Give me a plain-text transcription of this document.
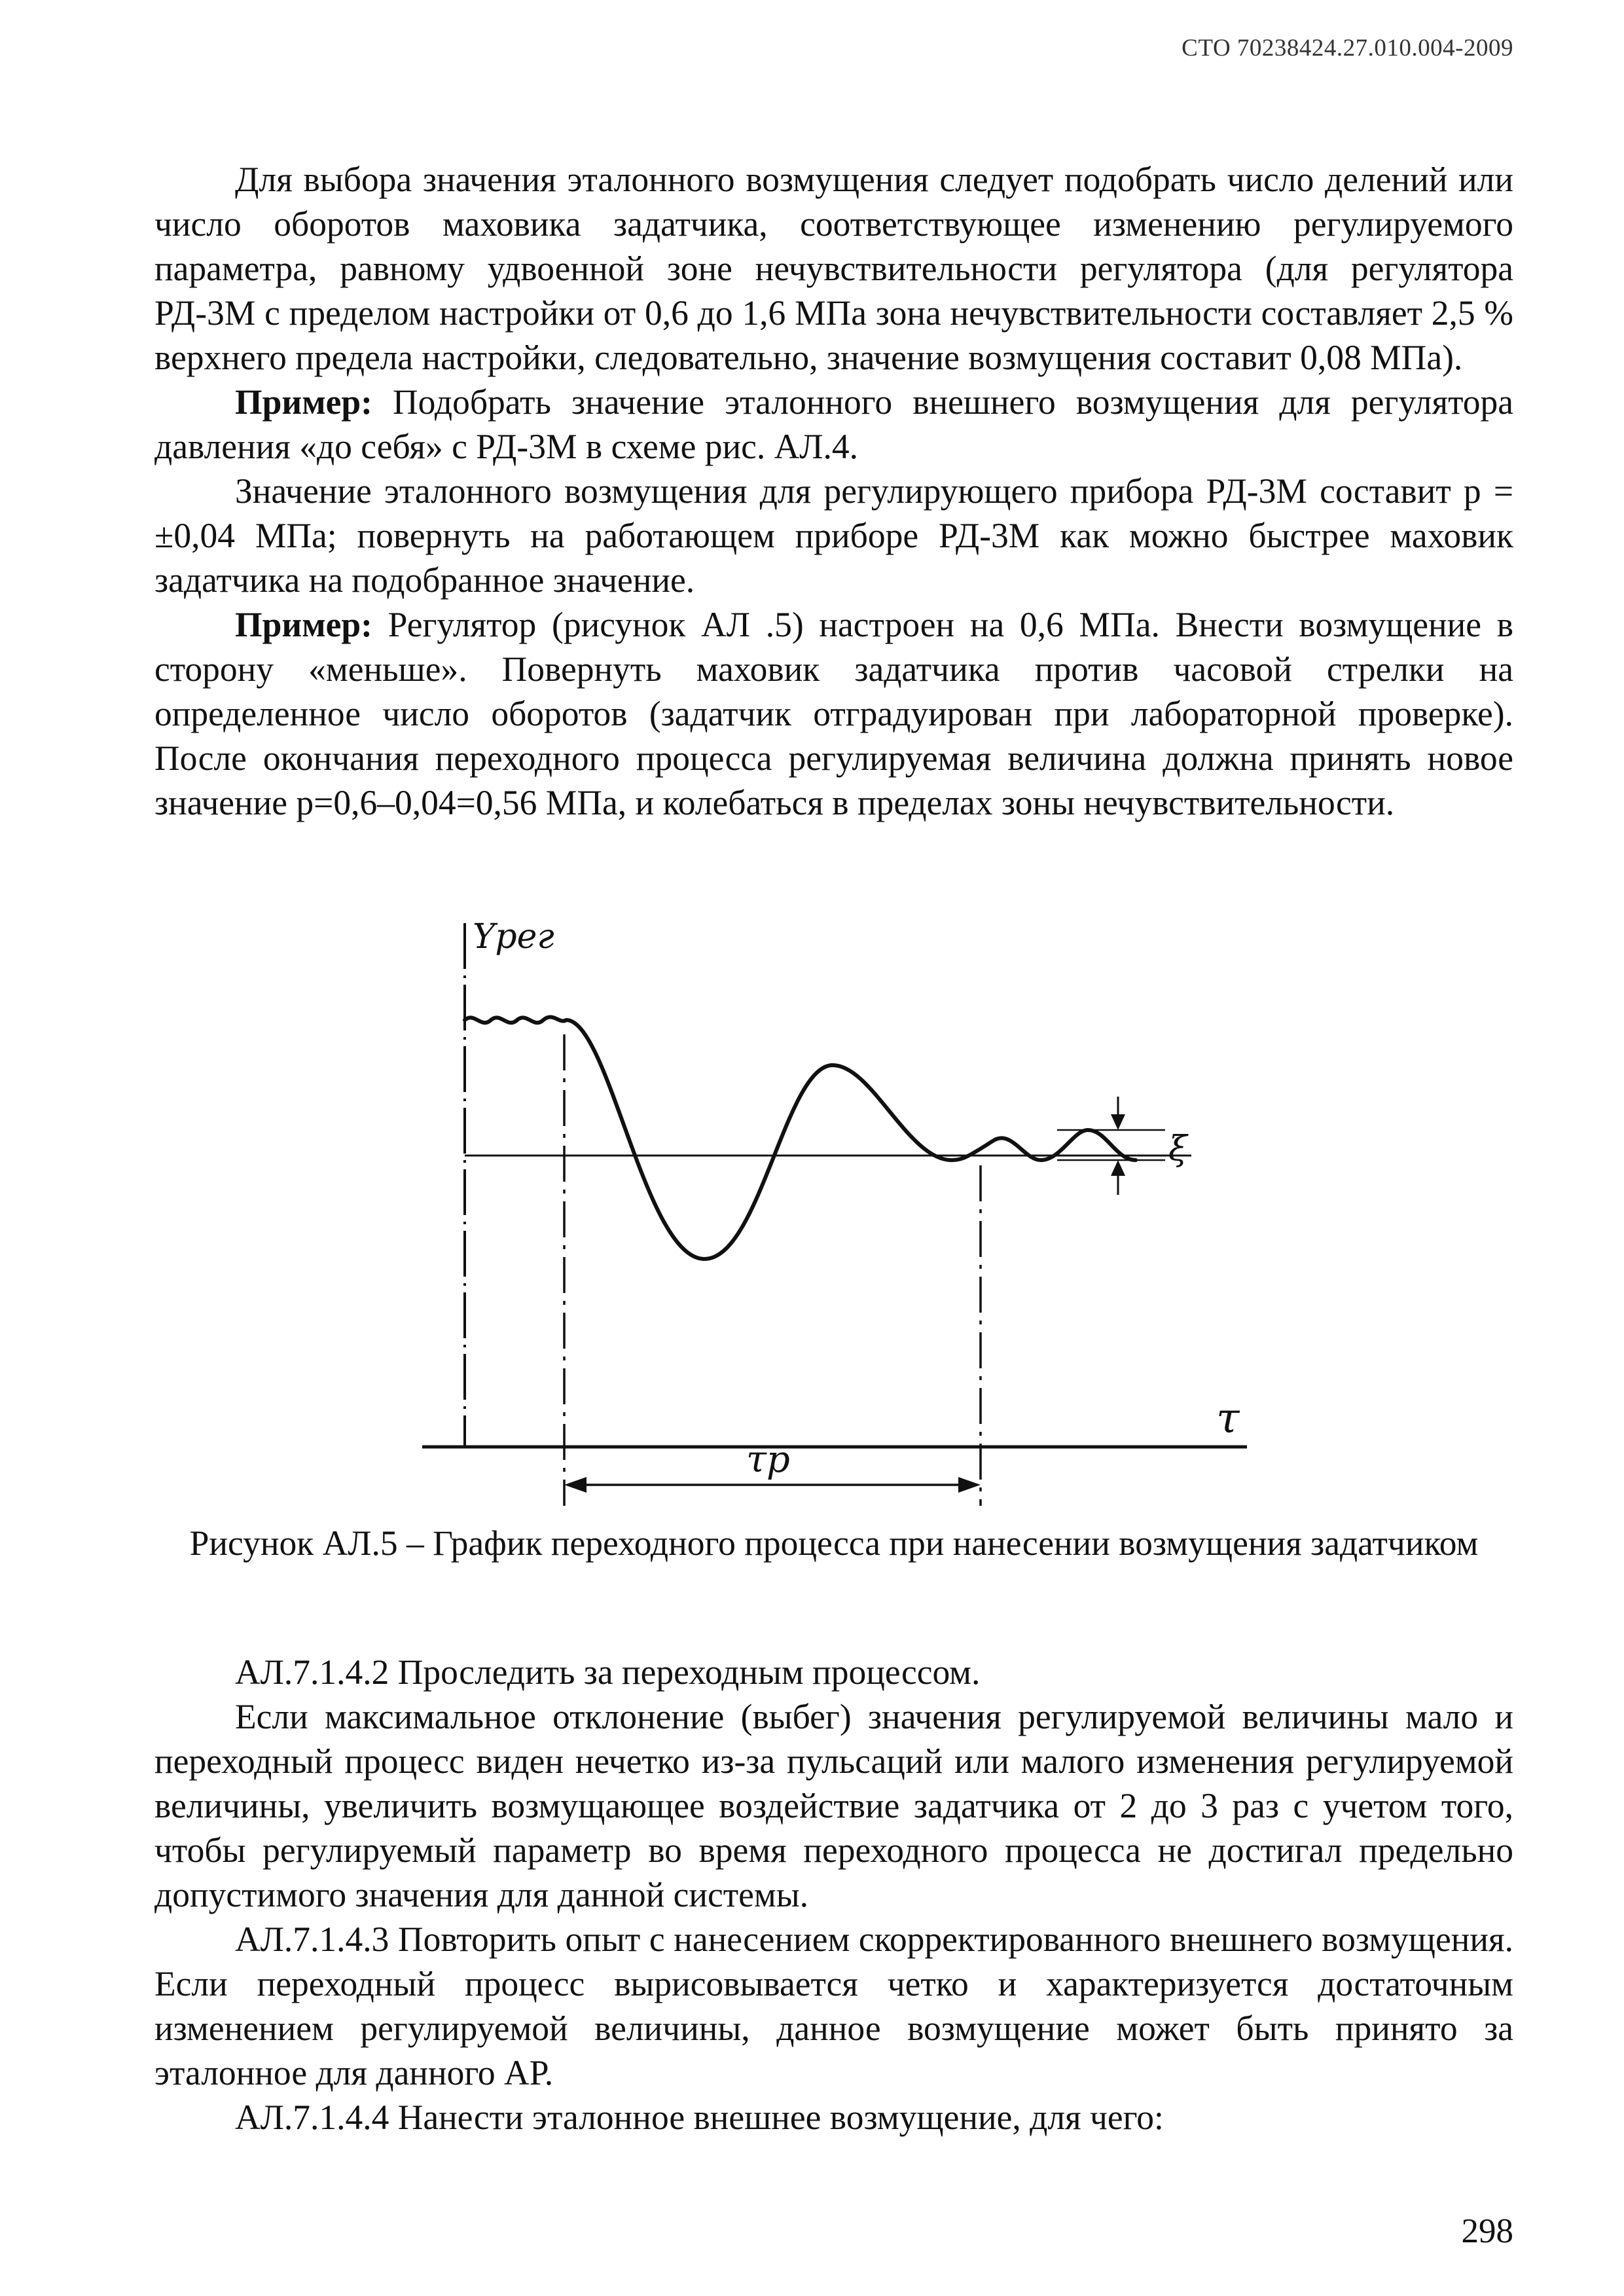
СТО 70238424.27.010.004-2009

Для выбора значения эталонного возмущения следует подобрать число делений или число оборотов маховика задатчика, соответствующее изменению регулируемого параметра, равному удвоенной зоне нечувствительности регулятора (для регулятора РД-3М с пределом настройки от 0,6 до 1,6 МПа зона нечувствительности составляет 2,5 % верхнего предела настройки, следовательно, значение возмущения составит 0,08 МПа).

Пример: Подобрать значение эталонного внешнего возмущения для регулятора давления «до себя» с РД-3М в схеме рис. АЛ.4.

Значение эталонного возмущения для регулирующего прибора РД-3М составит p = ±0,04 МПа; повернуть на работающем приборе РД-3М как можно быстрее маховик задатчика на подобранное значение.

Пример: Регулятор (рисунок АЛ .5) настроен на 0,6 МПа. Внести возмущение в сторону «меньше». Повернуть маховик задатчика против часовой стрелки на определенное число оборотов (задатчик отградуирован при лабораторной проверке). После окончания переходного процесса регулируемая величина должна принять новое значение p=0,6–0,04=0,56 МПа, и колебаться в пределах зоны нечувствительности.

Yрег
τ
τр
ξ
Рисунок АЛ.5 – График переходного процесса при нанесении возмущения задатчиком

АЛ.7.1.4.2 Проследить за переходным процессом.

Если максимальное отклонение (выбег) значения регулируемой величины мало и переходный процесс виден нечетко из-за пульсаций или малого изменения регулируемой величины, увеличить возмущающее воздействие задатчика от 2 до 3 раз с учетом того, чтобы регулируемый параметр во время переходного процесса не достигал предельно допустимого значения для данной системы.

АЛ.7.1.4.3 Повторить опыт с нанесением скорректированного внешнего возмущения. Если переходный процесс вырисовывается четко и характеризуется достаточным изменением регулируемой величины, данное возмущение может быть принято за эталонное для данного АР.

АЛ.7.1.4.4 Нанести эталонное внешнее возмущение, для чего:

298
